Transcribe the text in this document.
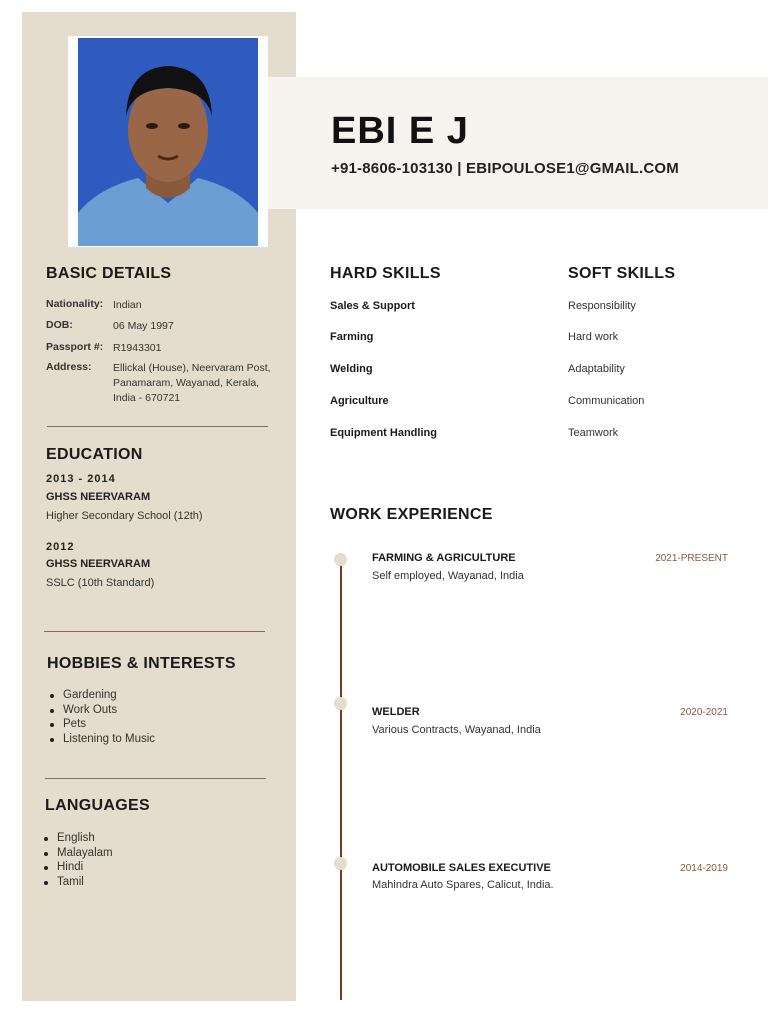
EBI E J
+91-8606-103130 | EBIPOULOSE1@GMAIL.COM
BASIC DETAILS
Nationality: Indian
DOB:	06 May 1997
Passport #: R1943301
Address:	Ellickal (House), Neervaram Post, Panamaram, Wayanad, Kerala, India - 670721
EDUCATION
2013 - 2014
GHSS NEERVARAM
Higher Secondary School (12th)
2012
GHSS NEERVARAM
SSLC (10th Standard)
HOBBIES & INTERESTS
Gardening
Work Outs
Pets
Listening to Music
LANGUAGES
English
Malayalam
Hindi
Tamil
HARD SKILLS
Sales & Support
Farming
Welding
Agriculture
Equipment Handling
SOFT SKILLS
Responsibility
Hard work
Adaptability
Communication
Teamwork
WORK EXPERIENCE
FARMING & AGRICULTURE	2021-PRESENT
Self employed, Wayanad, India
WELDER	2020-2021
Various Contracts, Wayanad, India
AUTOMOBILE SALES EXECUTIVE	2014-2019
Mahindra Auto Spares, Calicut, India.
